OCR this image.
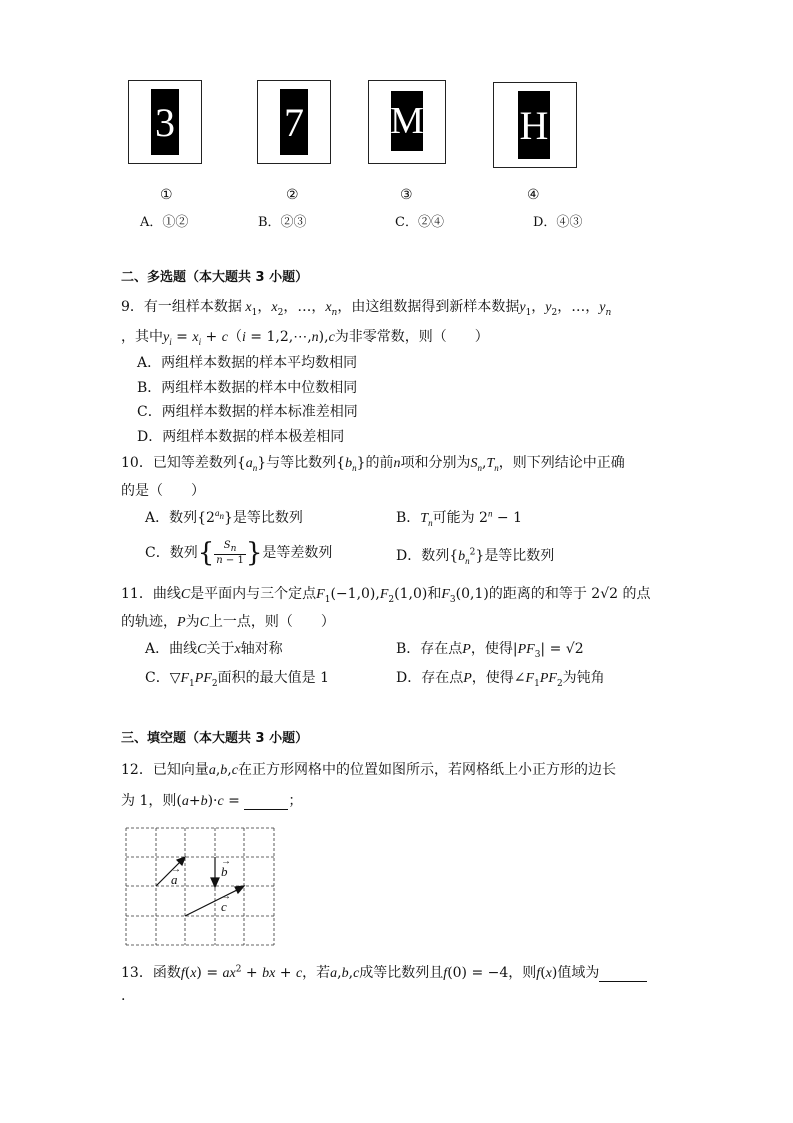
3	7 M H
①	②	③	④
A．①②	B．②③	C．②④	D．④③
二、多选题（本大题共 3 小题）
9．有一组样本数据 $x_1$，$x_2$，…，$x_n$，由这组数据得到新样本数据$y_1$，$y_2$，…，$y_n$
，其中$y_i = x_i + c(i$ = 1,2,⋯,n),c为非零常数，则（　　）
A．两组样本数据的样本平均数相同
B．两组样本数据的样本中位数相同
C．两组样本数据的样本标准差相同
D．两组样本数据的样本极差相同
10．已知等差数列$\{a_n\}$与等比数列$\{b_n\}$的前n项和分别为$S_n,T_n$，则下列结论中正确
的是（　　）
A．数列$\{2^{a_n}\}$是等比数列	B．$T_n$可能为 $2^n - 1$
C．数列{ $\frac{S_n}{n - 1}$ }是等差数列	D．数列$\{b_n^2\}$是等比数列
11．曲线C是平面内与三个定点$F_1(-1,0),F_2(1,0)$和$F_3(0,1)$的距离的和等于 2√2 的点
的轨迹，P为C上一点，则（　　）
A．曲线C关于x轴对称	B．存在点P，使得$|PF_3| = √2$
C．$▽F_1PF_2$面积的最大值是 1	D．存在点P，使得$\angle F_1PF_2$为钝角
三、填空题（本大题共 3 小题）
12．已知向量a,b,c在正方形网格中的位置如图所示，若网格纸上小正方形的边长
为 1，则(a+b)·c =	；
a
→	b
→
c
→
13．函数$f(x) = ax^2$ + bx + c，若a,b,c成等比数列且f(0) = −4，则f(x)值域为
.
